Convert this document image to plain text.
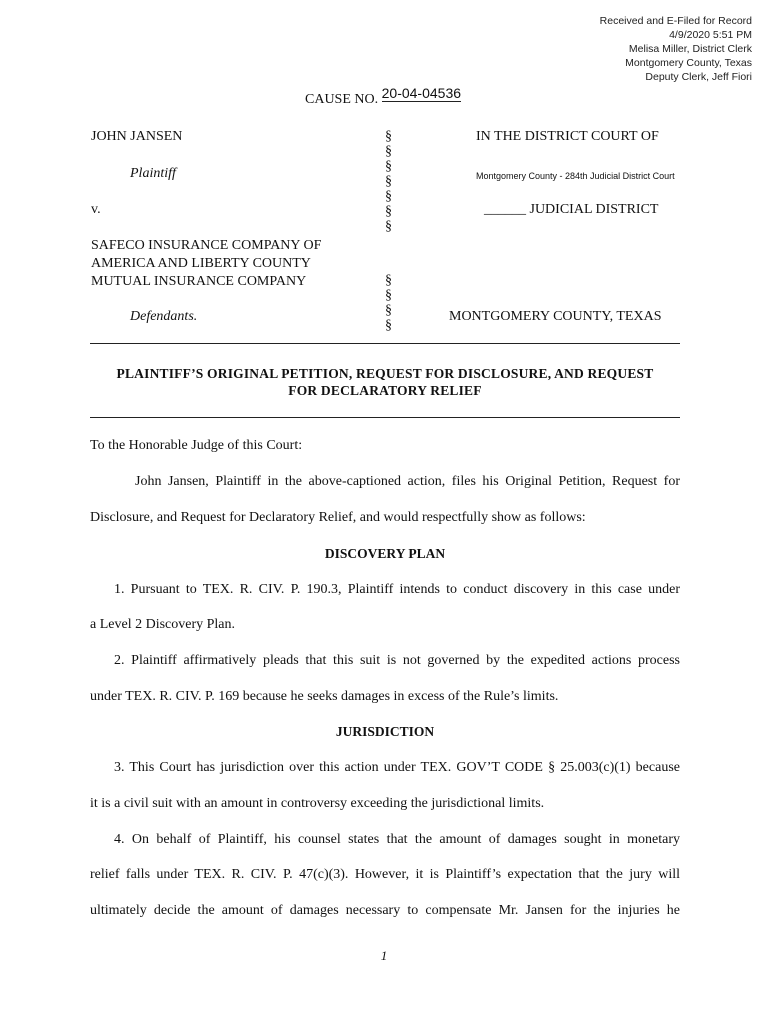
Received and E-Filed for Record
4/9/2020 5:51 PM
Melisa Miller, District Clerk
Montgomery County, Texas
Deputy Clerk, Jeff Fiori
CAUSE NO. 20-04-04536
JOHN JANSEN
Plaintiff
v.
SAFECO INSURANCE COMPANY OF
AMERICA AND LIBERTY COUNTY
MUTUAL INSURANCE COMPANY
Defendants.
§
§
§
§
§
§
§
§
§
§
§
IN THE DISTRICT COURT OF
Montgomery County - 284th Judicial District Court
______ JUDICIAL DISTRICT
MONTGOMERY COUNTY, TEXAS
PLAINTIFF’S ORIGINAL PETITION, REQUEST FOR DISCLOSURE, AND REQUEST
FOR DECLARATORY RELIEF
To the Honorable Judge of this Court:
John Jansen, Plaintiff in the above-captioned action, files his Original Petition, Request for
Disclosure, and Request for Declaratory Relief, and would respectfully show as follows:
DISCOVERY PLAN
1. Pursuant to TEX. R. CIV. P. 190.3, Plaintiff intends to conduct discovery in this case under
a Level 2 Discovery Plan.
2. Plaintiff affirmatively pleads that this suit is not governed by the expedited actions process
under TEX. R. CIV. P. 169 because he seeks damages in excess of the Rule’s limits.
JURISDICTION
3. This Court has jurisdiction over this action under TEX. GOV’T CODE § 25.003(c)(1) because
it is a civil suit with an amount in controversy exceeding the jurisdictional limits.
4. On behalf of Plaintiff, his counsel states that the amount of damages sought in monetary
relief falls under TEX. R. CIV. P. 47(c)(3). However, it is Plaintiff’s expectation that the jury will
ultimately decide the amount of damages necessary to compensate Mr. Jansen for the injuries he
1
